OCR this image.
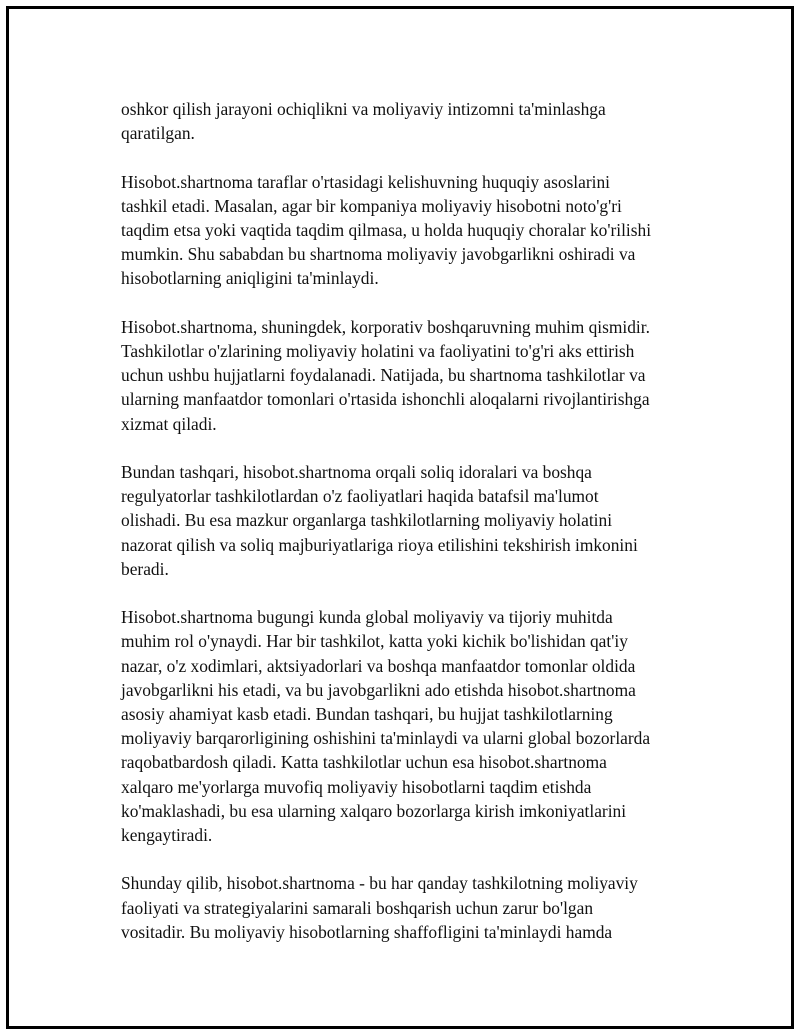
oshkor qilish jarayoni ochiqlikni va moliyaviy intizomni ta'minlashga
qaratilgan.

Hisobot.shartnoma taraflar o'rtasidagi kelishuvning huquqiy asoslarini
tashkil etadi. Masalan, agar bir kompaniya moliyaviy hisobotni noto'g'ri
taqdim etsa yoki vaqtida taqdim qilmasa, u holda huquqiy choralar ko'rilishi
mumkin. Shu sababdan bu shartnoma moliyaviy javobgarlikni oshiradi va
hisobotlarning aniqligini ta'minlaydi.

Hisobot.shartnoma, shuningdek, korporativ boshqaruvning muhim qismidir.
Tashkilotlar o'zlarining moliyaviy holatini va faoliyatini to'g'ri aks ettirish
uchun ushbu hujjatlarni foydalanadi. Natijada, bu shartnoma tashkilotlar va
ularning manfaatdor tomonlari o'rtasida ishonchli aloqalarni rivojlantirishga
xizmat qiladi.

Bundan tashqari, hisobot.shartnoma orqali soliq idoralari va boshqa
regulyatorlar tashkilotlardan o'z faoliyatlari haqida batafsil ma'lumot
olishadi. Bu esa mazkur organlarga tashkilotlarning moliyaviy holatini
nazorat qilish va soliq majburiyatlariga rioya etilishini tekshirish imkonini
beradi.

Hisobot.shartnoma bugungi kunda global moliyaviy va tijoriy muhitda
muhim rol o'ynaydi. Har bir tashkilot, katta yoki kichik bo'lishidan qat'iy
nazar, o'z xodimlari, aktsiyadorlari va boshqa manfaatdor tomonlar oldida
javobgarlikni his etadi, va bu javobgarlikni ado etishda hisobot.shartnoma
asosiy ahamiyat kasb etadi. Bundan tashqari, bu hujjat tashkilotlarning
moliyaviy barqarorligining oshishini ta'minlaydi va ularni global bozorlarda
raqobatbardosh qiladi. Katta tashkilotlar uchun esa hisobot.shartnoma
xalqaro me'yorlarga muvofiq moliyaviy hisobotlarni taqdim etishda
ko'maklashadi, bu esa ularning xalqaro bozorlarga kirish imkoniyatlarini
kengaytiradi.

Shunday qilib, hisobot.shartnoma - bu har qanday tashkilotning moliyaviy
faoliyati va strategiyalarini samarali boshqarish uchun zarur bo'lgan
vositadir. Bu moliyaviy hisobotlarning shaffofligini ta'minlaydi hamda
